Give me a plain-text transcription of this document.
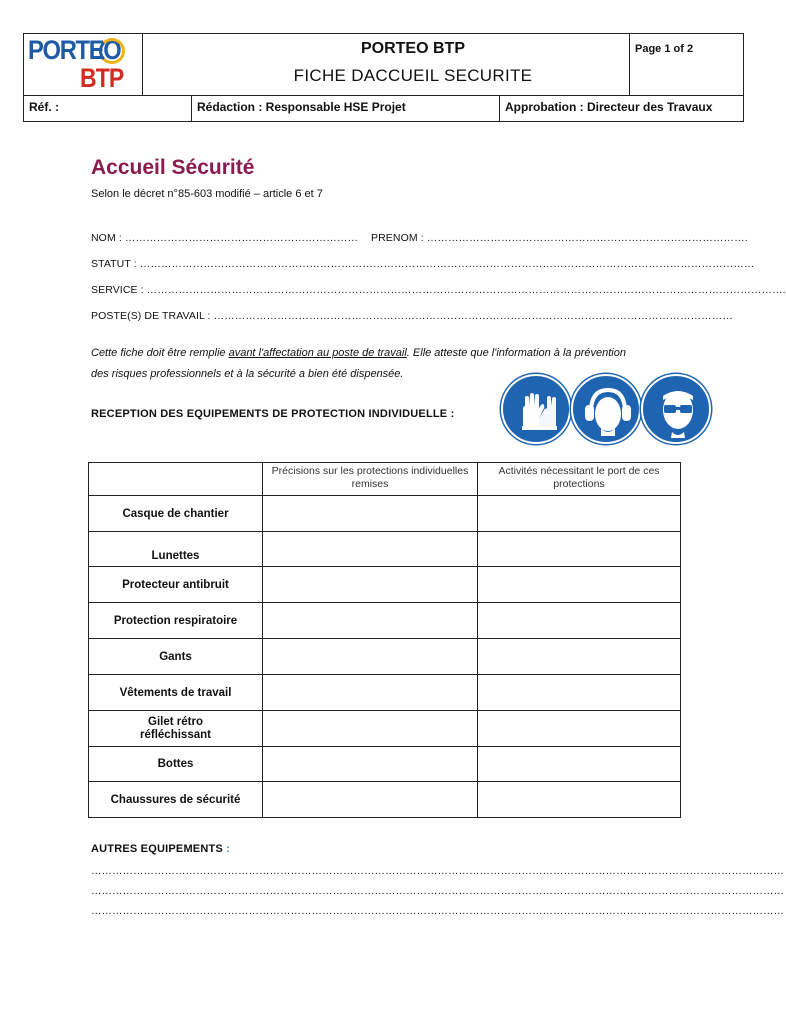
PORTEO
BTP
PORTEO BTP
FICHE DACCUEIL SECURITE
Page 1 of 2
Réf. :	Rédaction : Responsable HSE Projet	Approbation : Directeur des Travaux
Accueil Sécurité
Selon le décret n°85-603 modifié – article 6 et 7
NOM : ………………………………………………………… PRENOM : ……………………………………………………………………………….
STATUT : …………………………………………………………………………………………………………………………………………………………
SERVICE : ……………………………………………………………………………………………………………………………………………………………….
POSTE(S) DE TRAVAIL : …………………………………………………………………………………………………………………………………
Cette fiche doit être remplie avant l'affectation au poste de travail. Elle atteste que l'information à la prévention
des risques professionnels et à la sécurité a bien été dispensée.
RECEPTION DES EQUIPEMENTS DE PROTECTION INDIVIDUELLE :
	Précisions sur les protections individuelles remises	Activités nécessitant le port de ces protections
Casque de chantier		
Lunettes		
Protecteur antibruit		
Protection respiratoire		
Gants		
Vêtements de travail		
Gilet rétro réfléchissant		
Bottes		
Chaussures de sécurité		
AUTRES EQUIPEMENTS :
………………………………………………………………………………………………………………………………………………………………………………
………………………………………………………………………………………………………………………………………………………………………………
………………………………………………………………………………………………………………………………………………………………………………
